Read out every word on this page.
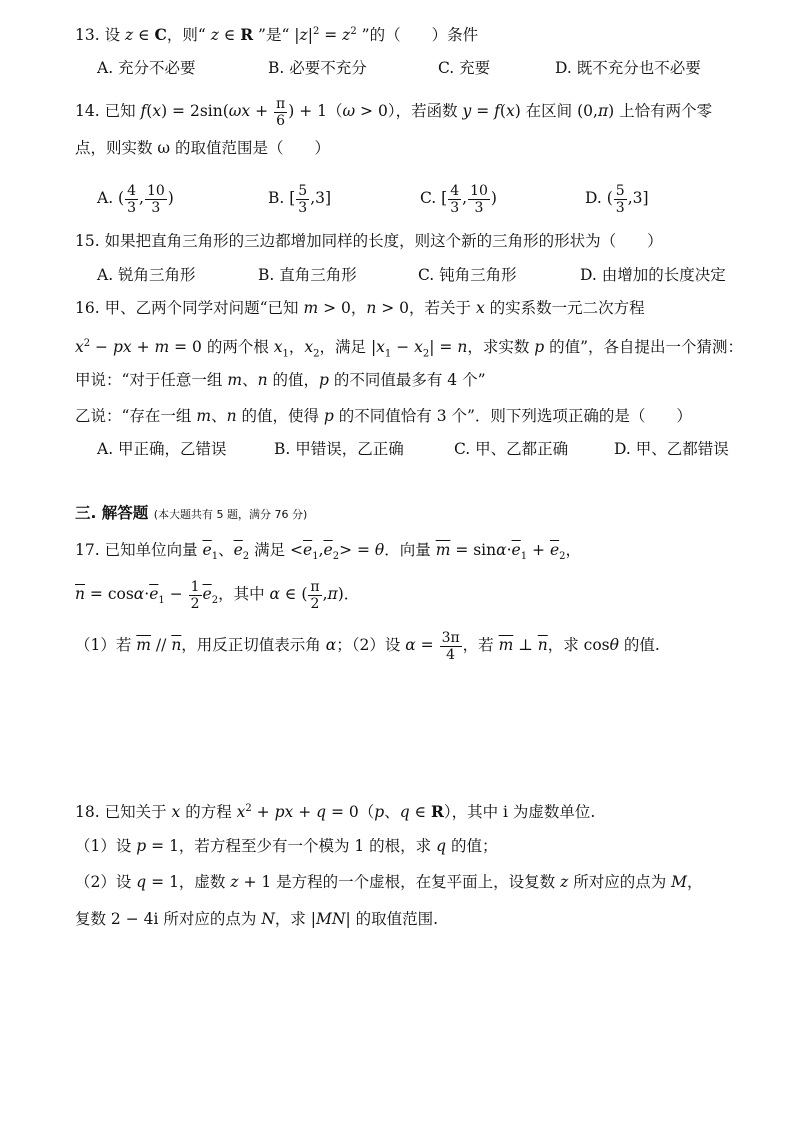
13. 设 z ∈ C，则“ z ∈ R ”是“ $|z|^2 = z^2$ ”的（　　）条件
A. 充分不必要	B. 必要不充分	C. 充要	D. 既不充分也不必要
14. 已知 $f(x) = 2\sin(\omega x + \frac{\pi}{6}$ ) + 1（ω > 0），若函数 y = f(x) 在区间 (0,π) 上恰有两个零
点，则实数 ω 的取值范围是（　　）
A. ( $\frac{4}{3}$ , $\frac{10}{3}$ )	B. [ $\frac{5}{3} ,3$]	C. [ $\frac{4}{3}$ , $\frac{10}{3}$ )	D. ( $\frac{5}{3} ,3$]
15. 如果把直角三角形的三边都增加同样的长度，则这个新的三角形的形状为（　　）
A. 锐角三角形	B. 直角三角形	C. 钝角三角形	D. 由增加的长度决定
16. 甲、乙两个同学对问题“已知 m > 0，n > 0，若关于 x 的实系数一元二次方程
$x^2$ − px + m = 0 的两个根 $x_1$，$x_2$，满足 $|x_1 - x_2| = n$，求实数 p 的值”，各自提出一个猜测：
甲说：“对于任意一组 m、n 的值，p 的不同值最多有 4 个”
乙说：“存在一组 m、n 的值，使得 p 的不同值恰有 3 个”．则下列选项正确的是（　　）
A. 甲正确，乙错误	B. 甲错误，乙正确	C. 甲、乙都正确	D. 甲、乙都错误
三. 解答题 (本大题共有 5 题，满分 76 分)
17. 已知单位向量 $\overline{e}_1$、$\overline{e}_2$ 满足 $<\overline{e}_1,\overline{e}_2> = \theta$．向量 $\overline{m} = \sin\alpha\cdot\overline{e}_1 + \overline{e}_2$，
$\overline{n} = \cos\alpha\cdot\overline{e}_1 - \frac{1}{2} \overline{e}_2$，其中 α ∈ ( $\frac{\pi}{2} ,\pi$)．
（1）若 $\overline{m} // \overline{n}$，用反正切值表示角 α；（2）设 $\alpha = \frac{3\pi}{4}$ ，若 $\overline{m}$ ⊥ $\overline{n}$，求 cosθ 的值.
18. 已知关于 x 的方程 $x^2$ + px + q = 0（p、q ∈ R），其中 i 为虚数单位.
（1）设 p = 1，若方程至少有一个模为 1 的根，求 q 的值；
（2）设 q = 1，虚数 z + 1 是方程的一个虚根，在复平面上，设复数 z 所对应的点为 M，
复数 2 − 4i 所对应的点为 N，求 |MN| 的取值范围.
